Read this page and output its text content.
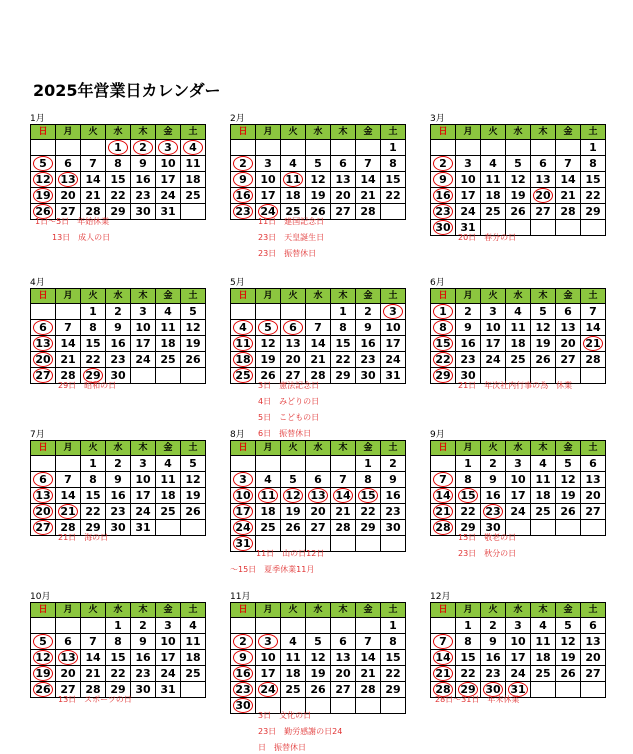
2025年営業日カレンダー
1月
日	月	火	水	木	金	土
			1	2	3	4
5	6	7	8	9	10	11
12	13	14	15	16	17	18
19	20	21	22	23	24	25
26	27	28	29	30	31	
1日～5日　年始休業
13日　成人の日
2月
日	月	火	水	木	金	土
						1
2	3	4	5	6	7	8
9	10	11	12	13	14	15
16	17	18	19	20	21	22
23	24	25	26	27	28	
11日　建国記念日
23日　天皇誕生日
23日　振替休日
3月
日	月	火	水	木	金	土
						1
2	3	4	5	6	7	8
9	10	11	12	13	14	15
16	17	18	19	20	21	22
23	24	25	26	27	28	29
30	31					
20日　春分の日
4月
日	月	火	水	木	金	土
		1	2	3	4	5
6	7	8	9	10	11	12
13	14	15	16	17	18	19
20	21	22	23	24	25	26
27	28	29	30			
29日　昭和の日
5月
日	月	火	水	木	金	土
				1	2	3
4	5	6	7	8	9	10
11	12	13	14	15	16	17
18	19	20	21	22	23	24
25	26	27	28	29	30	31
3日　憲法記念日
4日　みどりの日
5日　こどもの日
6日　振替休日
6月
日	月	火	水	木	金	土
1	2	3	4	5	6	7
8	9	10	11	12	13	14
15	16	17	18	19	20	21
22	23	24	25	26	27	28
29	30					
21日　年次社内行事の為　休業
7月
日	月	火	水	木	金	土
		1	2	3	4	5
6	7	8	9	10	11	12
13	14	15	16	17	18	19
20	21	22	23	24	25	26
27	28	29	30	31		
21日　海の日
8月
日	月	火	水	木	金	土
					1	2
3	4	5	6	7	8	9
10	11	12	13	14	15	16
17	18	19	20	21	22	23
24	25	26	27	28	29	30
31						
11日　山の日12日
～15日　夏季休業11月
9月
日	月	火	水	木	金	土
	1	2	3	4	5	6
7	8	9	10	11	12	13
14	15	16	17	18	19	20
21	22	23	24	25	26	27
28	29	30				
15日　敬老の日
23日　秋分の日
10月
日	月	火	水	木	金	土
			1	2	3	4
5	6	7	8	9	10	11
12	13	14	15	16	17	18
19	20	21	22	23	24	25
26	27	28	29	30	31	
13日　スポーツの日
11月
日	月	火	水	木	金	土
						1
2	3	4	5	6	7	8
9	10	11	12	13	14	15
16	17	18	19	20	21	22
23	24	25	26	27	28	29
30						
3日　文化の日
23日　勤労感謝の日24
日　振替休日
12月
日	月	火	水	木	金	土
	1	2	3	4	5	6
7	8	9	10	11	12	13
14	15	16	17	18	19	20
21	22	23	24	25	26	27
28	29	30	31			
28日～31日　年末休業
